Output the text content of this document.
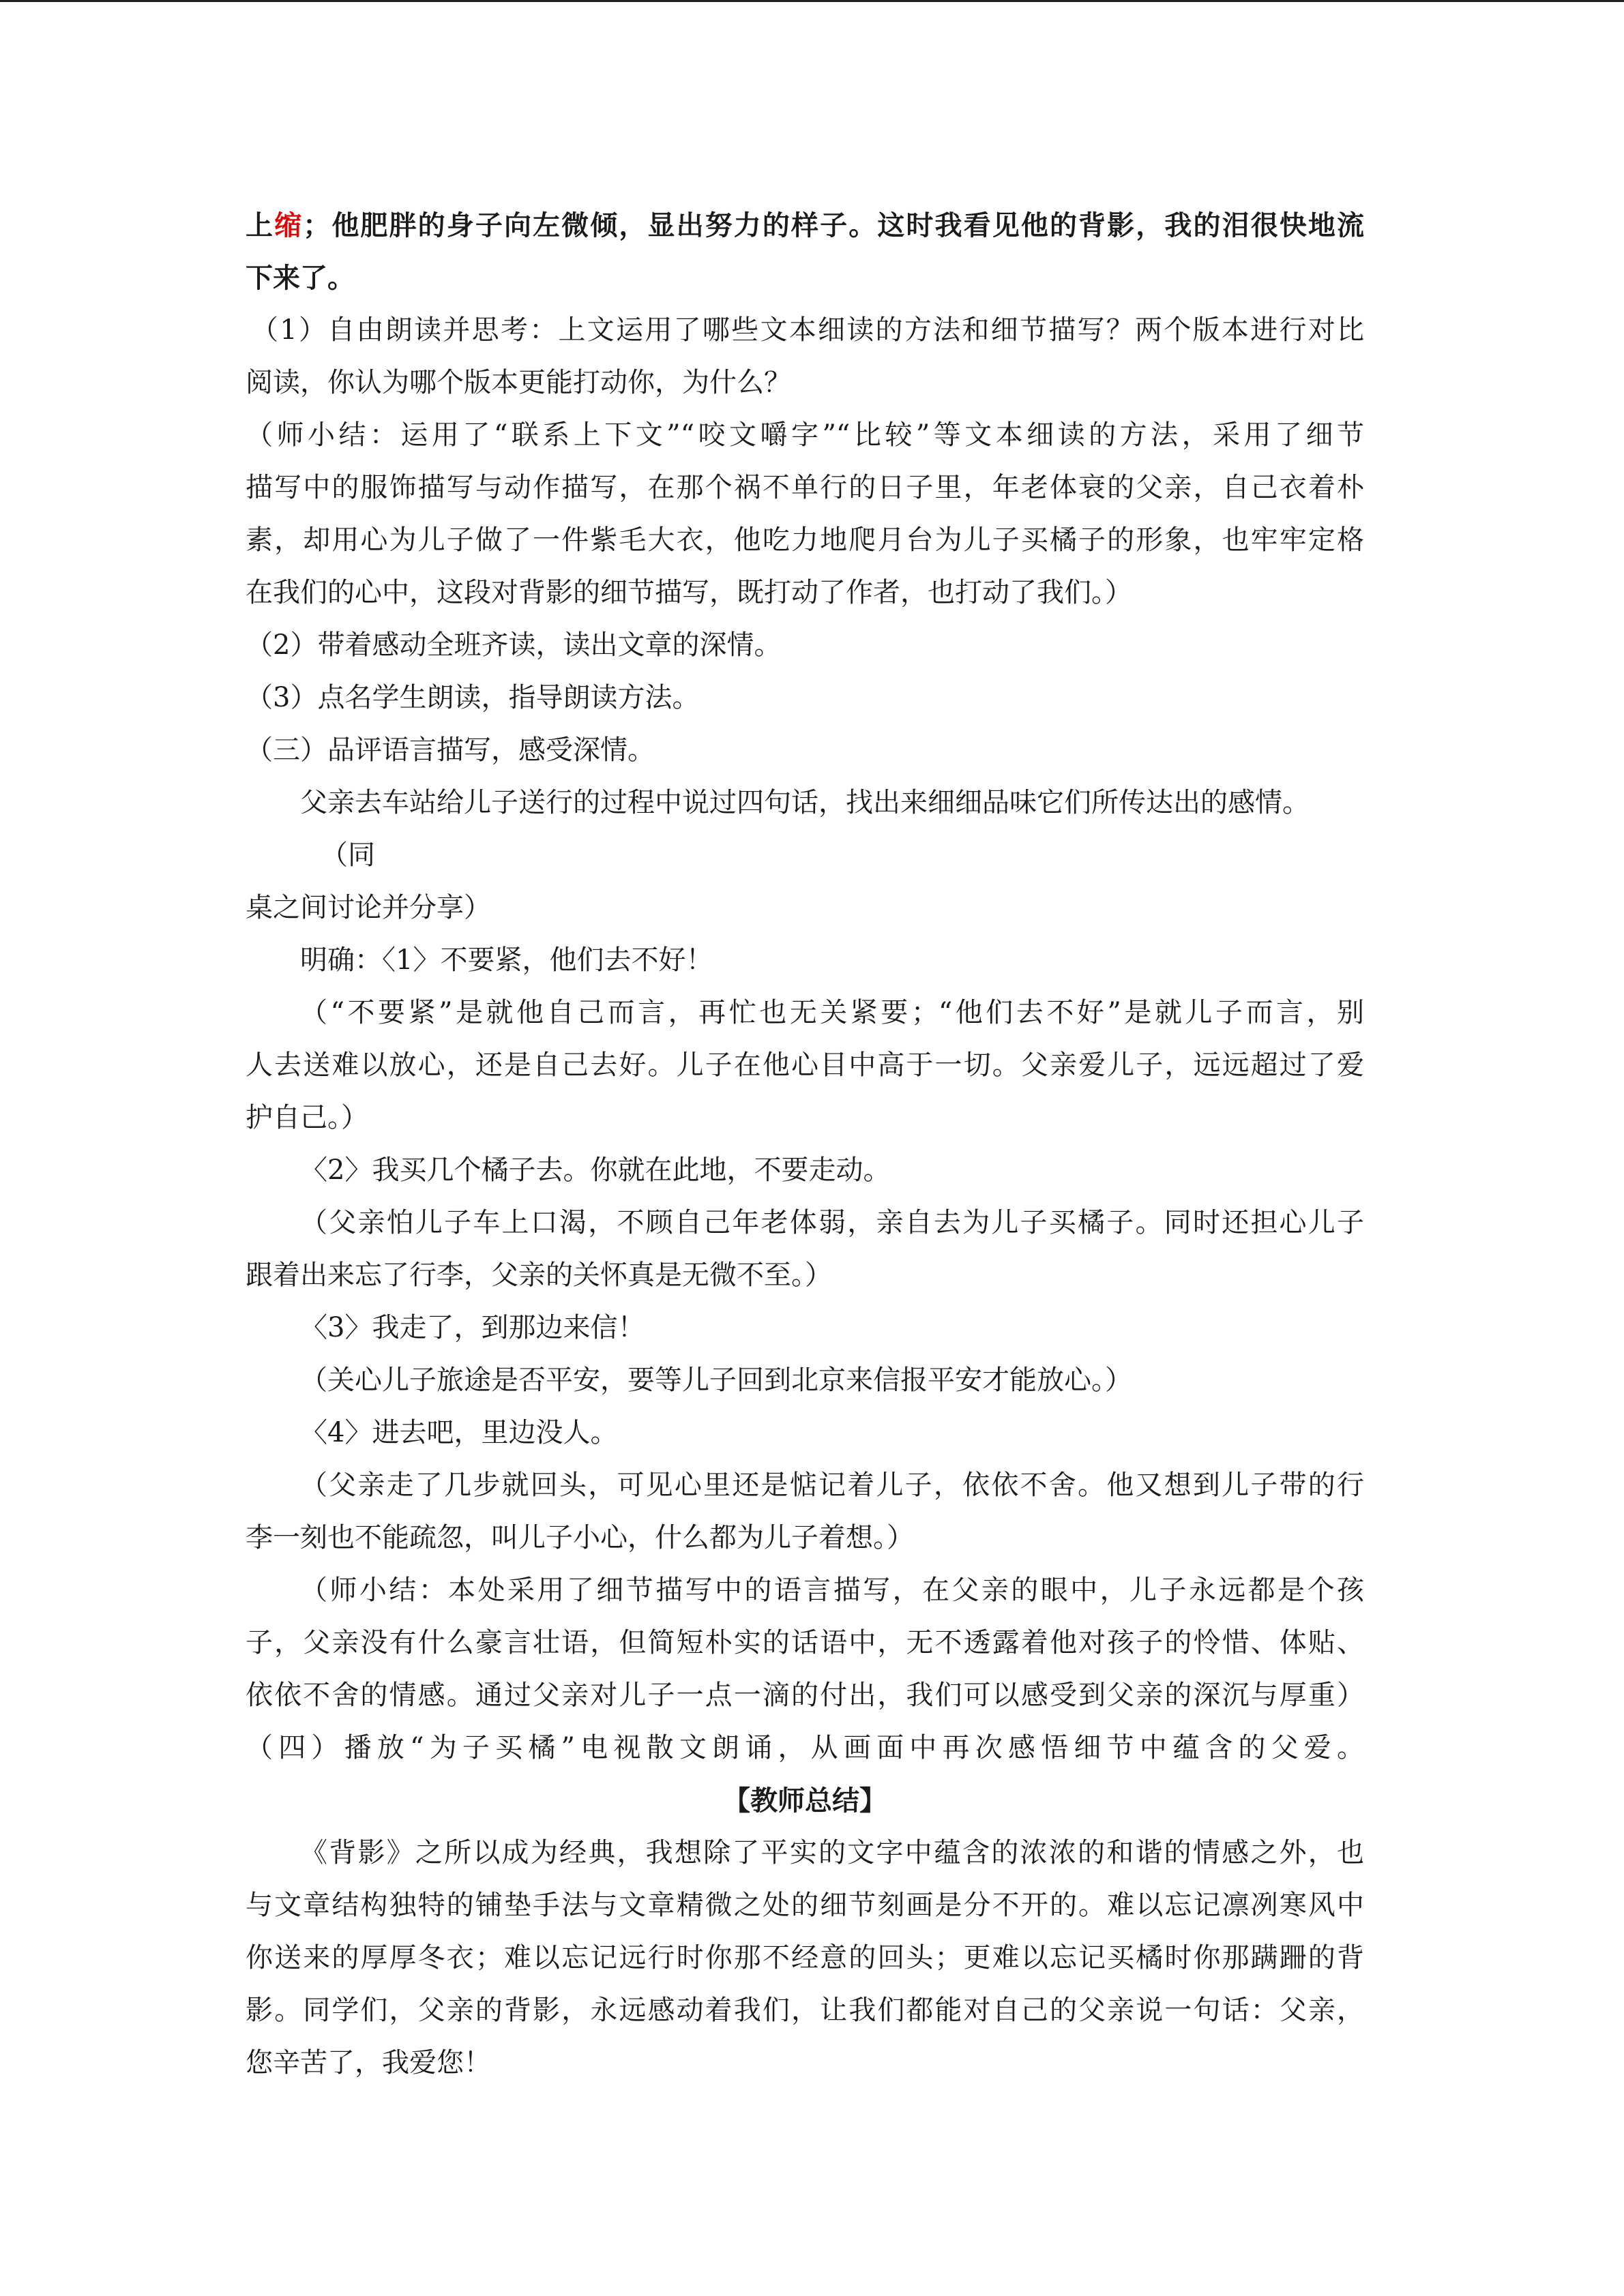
上缩；他肥胖的身子向左微倾，显出努力的样子。这时我看见他的背影，我的泪很快地流
下来了。
（1）自由朗读并思考：上文运用了哪些文本细读的方法和细节描写？两个版本进行对比
阅读，你认为哪个版本更能打动你，为什么？
（师小结：运用了“联系上下文”“咬文嚼字”“比较”等文本细读的方法，采用了细节
描写中的服饰描写与动作描写，在那个祸不单行的日子里，年老体衰的父亲，自己衣着朴
素，却用心为儿子做了一件紫毛大衣，他吃力地爬月台为儿子买橘子的形象，也牢牢定格
在我们的心中，这段对背影的细节描写，既打动了作者，也打动了我们。）
（2）带着感动全班齐读，读出文章的深情。
（3）点名学生朗读，指导朗读方法。
（三）品评语言描写，感受深情。
父亲去车站给儿子送行的过程中说过四句话，找出来细细品味它们所传达出的感情。
（同
桌之间讨论并分享）
明确：〈1〉不要紧，他们去不好！
（“不要紧”是就他自己而言，再忙也无关紧要；“他们去不好”是就儿子而言，别
人去送难以放心，还是自己去好。儿子在他心目中高于一切。父亲爱儿子，远远超过了爱
护自己。）
〈2〉我买几个橘子去。你就在此地，不要走动。
（父亲怕儿子车上口渴，不顾自己年老体弱，亲自去为儿子买橘子。同时还担心儿子
跟着出来忘了行李，父亲的关怀真是无微不至。）
〈3〉我走了，到那边来信！
（关心儿子旅途是否平安，要等儿子回到北京来信报平安才能放心。）
〈4〉进去吧，里边没人。
（父亲走了几步就回头，可见心里还是惦记着儿子，依依不舍。他又想到儿子带的行
李一刻也不能疏忽，叫儿子小心，什么都为儿子着想。）
（师小结：本处采用了细节描写中的语言描写，在父亲的眼中，儿子永远都是个孩
子，父亲没有什么豪言壮语，但简短朴实的话语中，无不透露着他对孩子的怜惜、体贴、
依依不舍的情感。通过父亲对儿子一点一滴的付出，我们可以感受到父亲的深沉与厚重）
（四）播放“为子买橘”电视散文朗诵，从画面中再次感悟细节中蕴含的父爱。
【教师总结】
《背影》之所以成为经典，我想除了平实的文字中蕴含的浓浓的和谐的情感之外，也
与文章结构独特的铺垫手法与文章精微之处的细节刻画是分不开的。难以忘记凛冽寒风中
你送来的厚厚冬衣；难以忘记远行时你那不经意的回头；更难以忘记买橘时你那蹒跚的背
影。同学们，父亲的背影，永远感动着我们，让我们都能对自己的父亲说一句话：父亲，
您辛苦了，我爱您！
